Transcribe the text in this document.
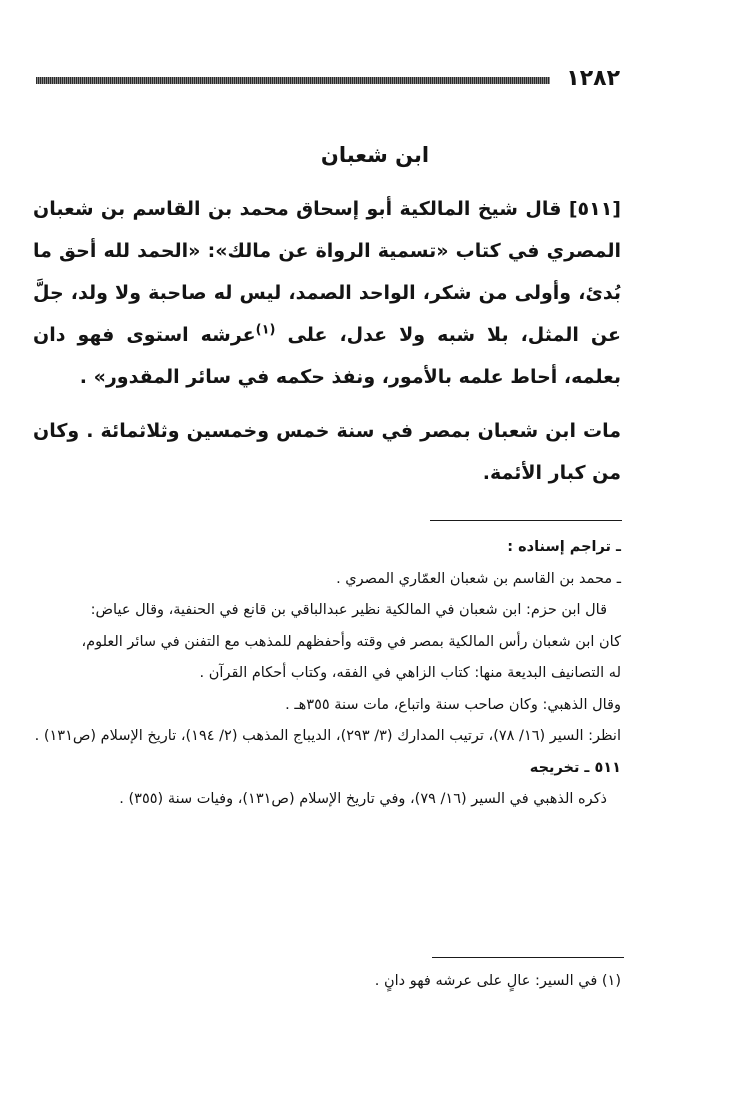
١٢٨٢
ابن شعبان

[٥١١] قال شيخ المالكية أبو إسحاق محمد بن القاسم بن شعبان المصري في كتاب «تسمية الرواة عن مالك»: «الحمد لله أحق ما بُدئ، وأولى من شكر، الواحد الصمد، ليس له صاحبة ولا ولد، جلَّ عن المثل، بلا شبه ولا عدل، على $^{(١)}$عرشه استوى فهو دان بعلمه، أحاط علمه بالأمور، ونفذ حكمه في سائر المقدور» .

مات ابن شعبان بمصر في سنة خمس وخمسين وثلاثمائة . وكان من كبار الأئمة.

ـ تراجم إسناده :
ـ محمد بن القاسم بن شعبان العمّاري المصري .
قال ابن حزم: ابن شعبان في المالكية نظير عبدالباقي بن قانع في الحنفية، وقال عياض:
كان ابن شعبان رأس المالكية بمصر في وقته وأحفظهم للمذهب مع التفنن في سائر العلوم،
له التصانيف البديعة منها: كتاب الزاهي في الفقه، وكتاب أحكام القرآن .
وقال الذهبي: وكان صاحب سنة واتباع، مات سنة ٣٥٥هـ .
انظر: السير (١٦/ ٧٨)، ترتيب المدارك (٣/ ٢٩٣)، الديباج المذهب (٢/ ١٩٤)، تاريخ الإسلام (ص١٣١) .
٥١١ ـ تخريجه
ذكره الذهبي في السير (١٦/ ٧٩)، وفي تاريخ الإسلام (ص١٣١)، وفيات سنة (٣٥٥) .
(١) في السير: عالٍ على عرشه فهو دانٍ .
